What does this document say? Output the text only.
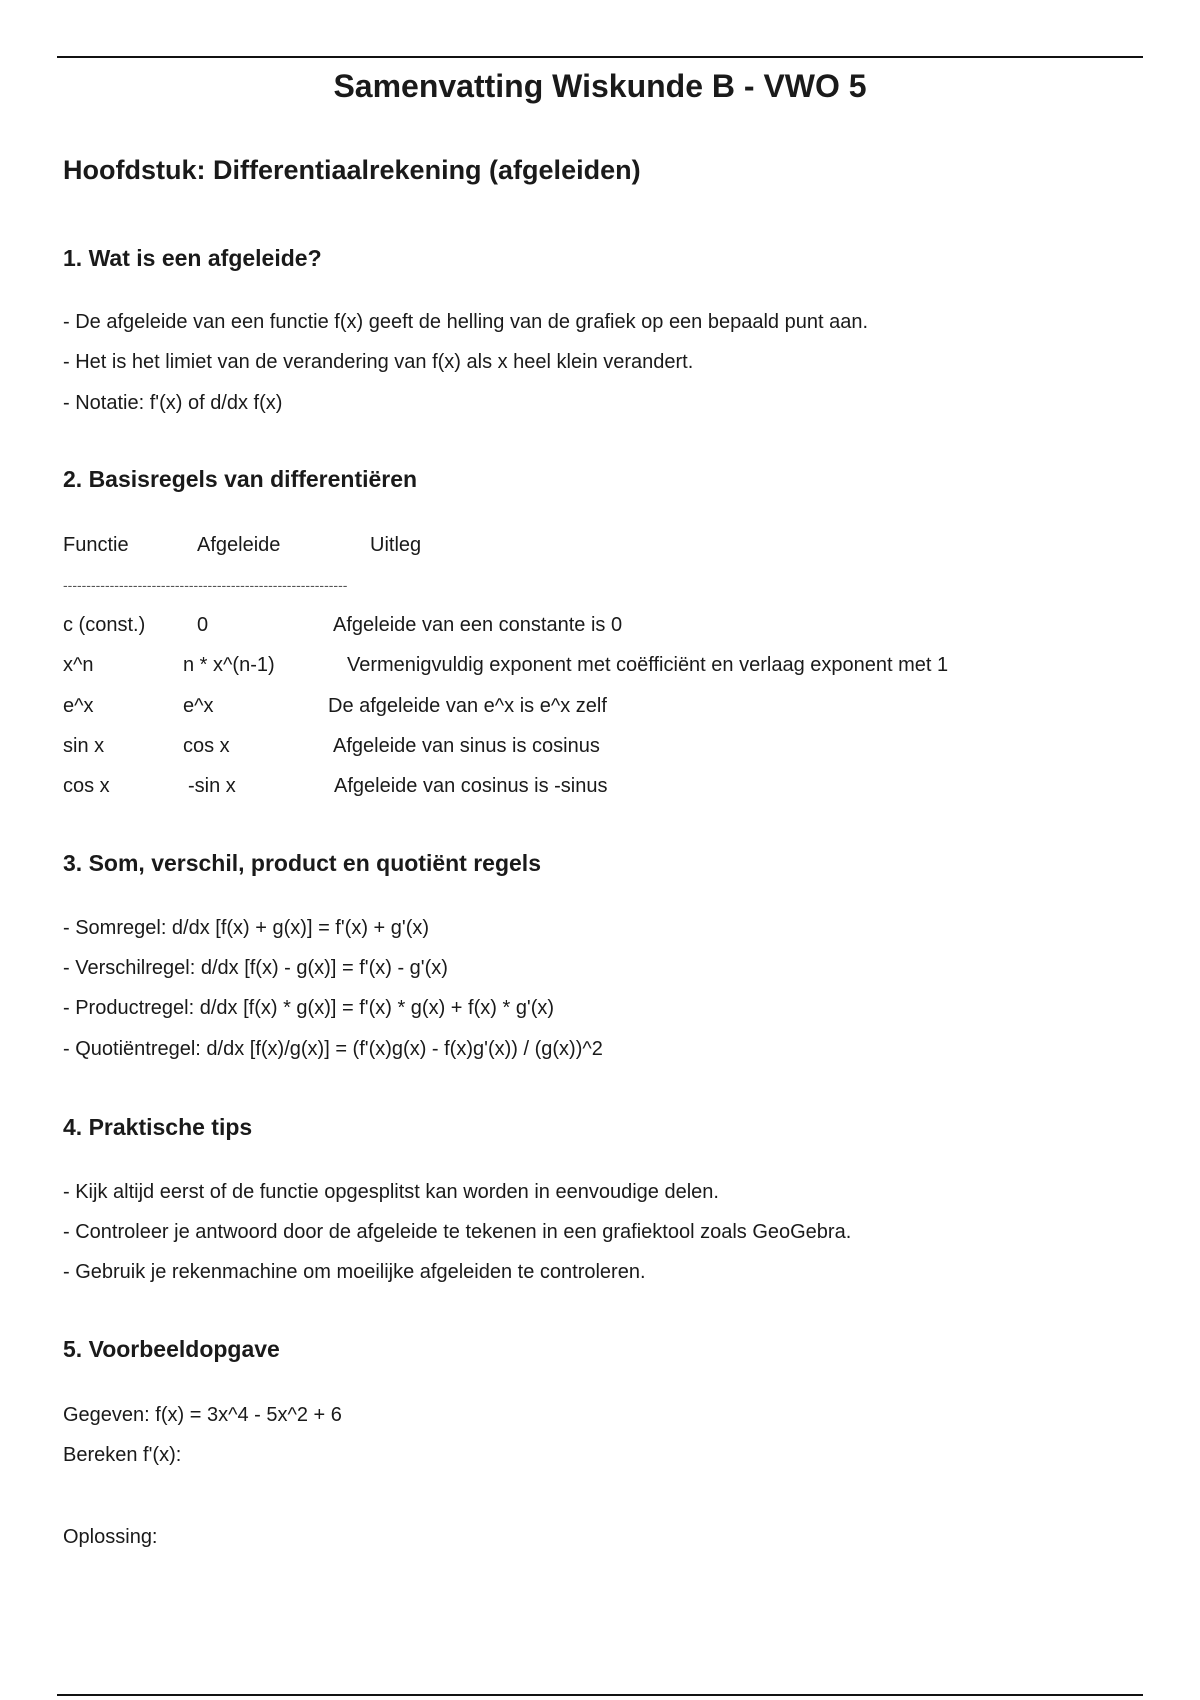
Samenvatting Wiskunde B - VWO 5
Hoofdstuk: Differentiaalrekening (afgeleiden)
1. Wat is een afgeleide?

- De afgeleide van een functie f(x) geeft de helling van de grafiek op een bepaald punt aan.

- Het is het limiet van de verandering van f(x) als x heel klein verandert.

- Notatie: f'(x) of d/dx f(x)

2. Basisregels van differentiëren
Functie	Afgeleide	Uitleg
-------------------------------------------------------------
c (const.)	0	Afgeleide van een constante is 0
x^n	n * x^(n-1)	Vermenigvuldig exponent met coëfficiënt en verlaag exponent met 1
e^x	e^x	De afgeleide van e^x is e^x zelf
sin x	cos x	Afgeleide van sinus is cosinus
cos x	-sin x	Afgeleide van cosinus is -sinus
3. Som, verschil, product en quotiënt regels

- Somregel: d/dx [f(x) + g(x)] = f'(x) + g'(x)

- Verschilregel: d/dx [f(x) - g(x)] = f'(x) - g'(x)

- Productregel: d/dx [f(x) * g(x)] = f'(x) * g(x) + f(x) * g'(x)

- Quotiëntregel: d/dx [f(x)/g(x)] = (f'(x)g(x) - f(x)g'(x)) / (g(x))^2

4. Praktische tips

- Kijk altijd eerst of de functie opgesplitst kan worden in eenvoudige delen.

- Controleer je antwoord door de afgeleide te tekenen in een grafiektool zoals GeoGebra.

- Gebruik je rekenmachine om moeilijke afgeleiden te controleren.

5. Voorbeeldopgave

Gegeven: f(x) = 3x^4 - 5x^2 + 6

Bereken f'(x):

Oplossing:
